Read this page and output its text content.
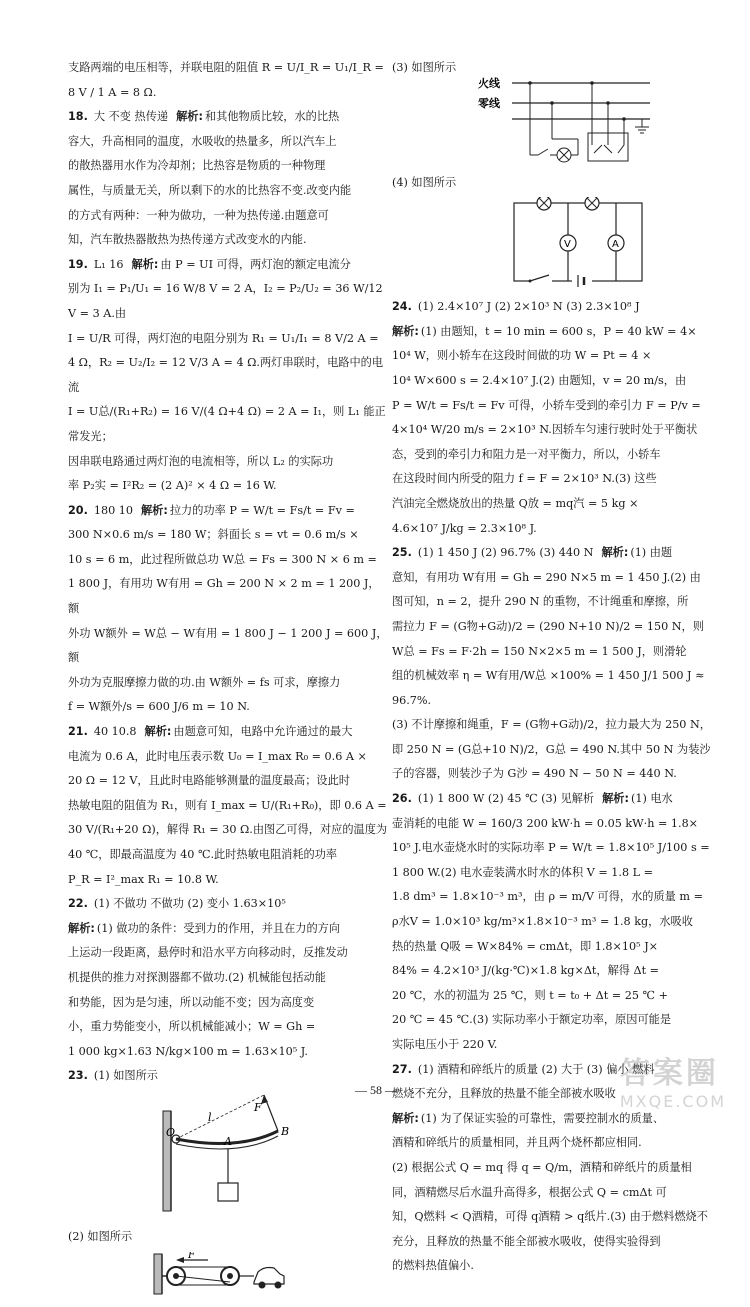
支路两端的电压相等，并联电阻的阻值 R = U/I_R = U₁/I_R =
8 V / 1 A = 8 Ω.
18. 大 不变 热传递 解析: 和其他物质比较，水的比热
容大，升高相同的温度，水吸收的热量多，所以汽车上
的散热器用水作为冷却剂；比热容是物质的一种物理
属性，与质量无关，所以剩下的水的比热容不变.改变内能
的方式有两种：一种为做功，一种为热传递.由题意可
知，汽车散热器散热为热传递方式改变水的内能.
19. L₁ 16 解析: 由 P = UI 可得，两灯泡的额定电流分
别为 I₁ = P₁/U₁ = 16 W/8 V = 2 A，I₂ = P₂/U₂ = 36 W/12 V = 3 A.由
I = U/R 可得，两灯泡的电阻分别为 R₁ = U₁/I₁ = 8 V/2 A =
4 Ω，R₂ = U₂/I₂ = 12 V/3 A = 4 Ω.两灯串联时，电路中的电流
I = U总/(R₁+R₂) = 16 V/(4 Ω+4 Ω) = 2 A = I₁，则 L₁ 能正常发光；
因串联电路通过两灯泡的电流相等，所以 L₂ 的实际功
率 P₂实 = I²R₂ = (2 A)² × 4 Ω = 16 W.
20. 180 10 解析: 拉力的功率 P = W/t = Fs/t = Fv =
300 N×0.6 m/s = 180 W；斜面长 s = vt = 0.6 m/s ×
10 s = 6 m，此过程所做总功 W总 = Fs = 300 N × 6 m =
1 800 J，有用功 W有用 = Gh = 200 N × 2 m = 1 200 J，额
外功 W额外 = W总 − W有用 = 1 800 J − 1 200 J = 600 J，额
外功为克服摩擦力做的功.由 W额外 = fs 可求，摩擦力
f = W额外/s = 600 J/6 m = 10 N.
21. 40 10.8 解析: 由题意可知，电路中允许通过的最大
电流为 0.6 A，此时电压表示数 U₀ = I_max R₀ = 0.6 A ×
20 Ω = 12 V，且此时电路能够测量的温度最高；设此时
热敏电阻的阻值为 R₁，则有 I_max = U/(R₁+R₀)，即 0.6 A =
30 V/(R₁+20 Ω)，解得 R₁ = 30 Ω.由图乙可得，对应的温度为
40 ℃，即最高温度为 40 ℃.此时热敏电阻消耗的功率
P_R = I²_max R₁ = 10.8 W.
22. (1) 不做功 不做功 (2) 变小 1.63×10⁵
解析: (1) 做功的条件：受到力的作用，并且在力的方向
上运动一段距离，悬停时和沿水平方向移动时，反推发动
机提供的推力对探测器都不做功.(2) 机械能包括动能
和势能，因为是匀速，所以动能不变；因为高度变
小，重力势能变小，所以机械能减小；W = Gh =
1 000 kg×1.63 N/kg×100 m = 1.63×10⁵ J.
23. (1) 如图所示
O
l
A
F
B
(2) 如图所示
F
(3) 如图所示
火线
零线
(4) 如图所示
V	A
24. (1) 2.4×10⁷ J (2) 2×10³ N (3) 2.3×10⁸ J
解析: (1) 由题知，t = 10 min = 600 s，P = 40 kW = 4×
10⁴ W，则小轿车在这段时间做的功 W = Pt = 4 ×
10⁴ W×600 s = 2.4×10⁷ J.(2) 由题知，v = 20 m/s，由
P = W/t = Fs/t = Fv 可得，小轿车受到的牵引力 F = P/v =
4×10⁴ W/20 m/s = 2×10³ N.因轿车匀速行驶时处于平衡状
态，受到的牵引力和阻力是一对平衡力，所以，小轿车
在这段时间内所受的阻力 f = F = 2×10³ N.(3) 这些
汽油完全燃烧放出的热量 Q放 = mq汽 = 5 kg ×
4.6×10⁷ J/kg = 2.3×10⁸ J.
25. (1) 1 450 J (2) 96.7% (3) 440 N 解析: (1) 由题
意知，有用功 W有用 = Gh = 290 N×5 m = 1 450 J.(2) 由
图可知，n = 2，提升 290 N 的重物，不计绳重和摩擦，所
需拉力 F = (G物+G动)/2 = (290 N+10 N)/2 = 150 N，则
W总 = Fs = F·2h = 150 N×2×5 m = 1 500 J，则滑轮
组的机械效率 η = W有用/W总 ×100% = 1 450 J/1 500 J ≈ 96.7%.
(3) 不计摩擦和绳重，F = (G物+G动)/2，拉力最大为 250 N，
即 250 N = (G总+10 N)/2，G总 = 490 N.其中 50 N 为装沙
子的容器，则装沙子为 G沙 = 490 N − 50 N = 440 N.
26. (1) 1 800 W (2) 45 ℃ (3) 见解析 解析: (1) 电水
壶消耗的电能 W = 160/3 200 kW·h = 0.05 kW·h = 1.8×
10⁵ J.电水壶烧水时的实际功率 P = W/t = 1.8×10⁵ J/100 s =
1 800 W.(2) 电水壶装满水时水的体积 V = 1.8 L =
1.8 dm³ = 1.8×10⁻³ m³，由 ρ = m/V 可得，水的质量 m =
ρ水V = 1.0×10³ kg/m³×1.8×10⁻³ m³ = 1.8 kg，水吸收
热的热量 Q吸 = W×84% = cmΔt，即 1.8×10⁵ J×
84% = 4.2×10³ J/(kg·℃)×1.8 kg×Δt，解得 Δt =
20 ℃，水的初温为 25 ℃，则 t = t₀ + Δt = 25 ℃ +
20 ℃ = 45 ℃.(3) 实际功率小于额定功率，原因可能是
实际电压小于 220 V.
27. (1) 酒精和碎纸片的质量 (2) 大于 (3) 偏小 燃料
燃烧不充分，且释放的热量不能全部被水吸收
解析: (1) 为了保证实验的可靠性，需要控制水的质量、
酒精和碎纸片的质量相同，并且两个烧杯都应相同.
(2) 根据公式 Q = mq 得 q = Q/m，酒精和碎纸片的质量相
同，酒精燃尽后水温升高得多，根据公式 Q = cmΔt 可
知，Q燃料 < Q酒精，可得 q酒精 > q纸片.(3) 由于燃料燃烧不
充分，且释放的热量不能全部被水吸收，使得实验得到
的燃料热值偏小.
— 58 —	答案圈
MXQE.COM
